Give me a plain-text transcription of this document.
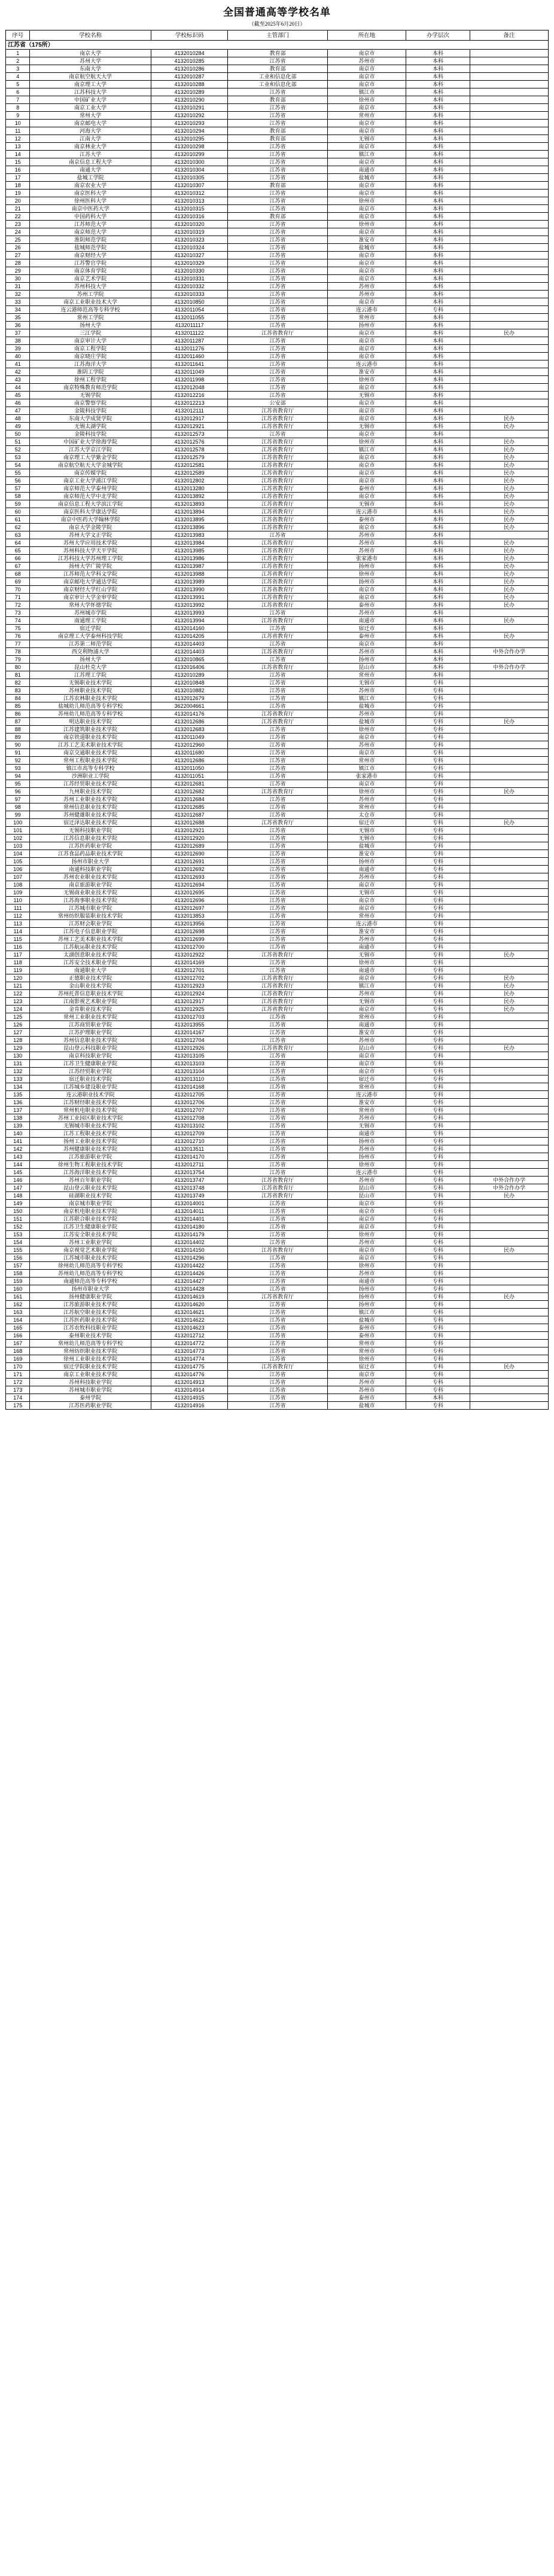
全国普通高等学校名单
（截至2025年6月20日）
序号	学校名称	学校标识码	主管部门	所在地	办学层次	备注
江苏省（175所）						
1	南京大学	4132010284	教育部	南京市	本科	
2	苏州大学	4132010285	江苏省	苏州市	本科	
3	东南大学	4132010286	教育部	南京市	本科	
4	南京航空航天大学	4132010287	工业和信息化部	南京市	本科	
5	南京理工大学	4132010288	工业和信息化部	南京市	本科	
6	江苏科技大学	4132010289	江苏省	镇江市	本科	
7	中国矿业大学	4132010290	教育部	徐州市	本科	
8	南京工业大学	4132010291	江苏省	南京市	本科	
9	常州大学	4132010292	江苏省	常州市	本科	
10	南京邮电大学	4132010293	江苏省	南京市	本科	
11	河海大学	4132010294	教育部	南京市	本科	
12	江南大学	4132010295	教育部	无锡市	本科	
13	南京林业大学	4132010298	江苏省	南京市	本科	
14	江苏大学	4132010299	江苏省	镇江市	本科	
15	南京信息工程大学	4132010300	江苏省	南京市	本科	
16	南通大学	4132010304	江苏省	南通市	本科	
17	盐城工学院	4132010305	江苏省	盐城市	本科	
18	南京农业大学	4132010307	教育部	南京市	本科	
19	南京医科大学	4132010312	江苏省	南京市	本科	
20	徐州医科大学	4132010313	江苏省	徐州市	本科	
21	南京中医药大学	4132010315	江苏省	南京市	本科	
22	中国药科大学	4132010316	教育部	南京市	本科	
23	江苏师范大学	4132010320	江苏省	徐州市	本科	
24	南京师范大学	4132010319	江苏省	南京市	本科	
25	淮阴师范学院	4132010323	江苏省	淮安市	本科	
26	盐城师范学院	4132010324	江苏省	盐城市	本科	
27	南京财经大学	4132010327	江苏省	南京市	本科	
28	江苏警官学院	4132010329	江苏省	南京市	本科	
29	南京体育学院	4132010330	江苏省	南京市	本科	
30	南京艺术学院	4132010331	江苏省	南京市	本科	
31	苏州科技大学	4132010332	江苏省	苏州市	本科	
32	苏州工学院	4132010333	江苏省	苏州市	本科	
33	南京工业职业技术大学	4132010850	江苏省	南京市	本科	
34	连云港师范高等专科学校	4132011054	江苏省	连云港市	专科	
35	常州工学院	4132011055	江苏省	常州市	本科	
36	扬州大学	4132011117	江苏省	扬州市	本科	
37	三江学院	4132011122	江苏省教育厅	南京市	本科	民办
38	南京审计大学	4132011287	江苏省	南京市	本科	
39	南京工程学院	4132011276	江苏省	南京市	本科	
40	南京晓庄学院	4132011460	江苏省	南京市	本科	
41	江苏海洋大学	4132011641	江苏省	连云港市	本科	
42	淮阴工学院	4132011049	江苏省	淮安市	本科	
43	徐州工程学院	4132011998	江苏省	徐州市	本科	
44	南京特殊教育师范学院	4132012048	江苏省	南京市	本科	
45	无锡学院	4132012216	江苏省	无锡市	本科	
46	南京警察学院	4132012213	公安部	南京市	本科	
47	金陵科技学院	4132012111	江苏省教育厅	南京市	本科	
48	东南大学成贤学院	4132012917	江苏省教育厅	南京市	本科	民办
49	无锡太湖学院	4132012921	江苏省教育厅	无锡市	本科	民办
50	金陵科技学院	4132012573	江苏省	南京市	本科	
51	中国矿业大学徐海学院	4132012576	江苏省教育厅	徐州市	本科	民办
52	江苏大学京江学院	4132012578	江苏省教育厅	镇江市	本科	民办
53	南京理工大学紫金学院	4132012579	江苏省教育厅	南京市	本科	民办
54	南京航空航天大学金城学院	4132012581	江苏省教育厅	南京市	本科	民办
55	南京传媒学院	4132012589	江苏省教育厅	南京市	本科	民办
56	南京工业大学浦江学院	4132012802	江苏省教育厅	南京市	本科	民办
57	南京师范大学泰州学院	4132013280	江苏省教育厅	泰州市	本科	民办
58	南京师范大学中北学院	4132013892	江苏省教育厅	南京市	本科	民办
59	南京信息工程大学滨江学院	4132013893	江苏省教育厅	无锡市	本科	民办
60	南京医科大学康达学院	4132013894	江苏省教育厅	连云港市	本科	民办
61	南京中医药大学翰林学院	4132013895	江苏省教育厅	泰州市	本科	民办
62	南京大学金陵学院	4132013896	江苏省教育厅	南京市	本科	民办
63	苏州大学文正学院	4132013983	江苏省	苏州市	本科	
64	苏州大学应用技术学院	4132013984	江苏省教育厅	苏州市	本科	民办
65	苏州科技大学天平学院	4132013985	江苏省教育厅	苏州市	本科	民办
66	江苏科技大学苏州理工学院	4132013986	江苏省教育厅	张家港市	本科	民办
67	扬州大学广陵学院	4132013987	江苏省教育厅	扬州市	本科	民办
68	江苏师范大学科文学院	4132013988	江苏省教育厅	徐州市	本科	民办
69	南京邮电大学通达学院	4132013989	江苏省教育厅	扬州市	本科	民办
70	南京财经大学红山学院	4132013990	江苏省教育厅	南京市	本科	民办
71	南京审计大学金审学院	4132013991	江苏省教育厅	南京市	本科	民办
72	常州大学怀德学院	4132013992	江苏省教育厅	泰州市	本科	民办
73	苏州城市学院	4132013993	江苏省	苏州市	本科	
74	南通理工学院	4132013994	江苏省教育厅	南通市	本科	民办
75	宿迁学院	4132014160	江苏省	宿迁市	本科	
76	南京理工大学泰州科技学院	4132014205	江苏省教育厅	泰州市	本科	民办
77	江苏第二师范学院	4132014403	江苏省	南京市	本科	
78	西交利物浦大学	4132014403	江苏省教育厅	苏州市	本科	中外合作办学
79	扬州大学	4132010865	江苏省	扬州市	本科	
80	昆山杜克大学	4132016406	江苏省教育厅	昆山市	本科	中外合作办学
81	江苏理工学院	4132010289	江苏省	常州市	本科	
82	无锡职业技术学院	4132010848	江苏省	无锡市	专科	
83	苏州职业技术学院	4132010882	江苏省	苏州市	专科	
84	江苏农林职业技术学院	4132012679	江苏省	镇江市	专科	
85	盐城幼儿师范高等专科学校	3622004661	江苏省	盐城市	专科	
86	苏州幼儿师范高等专科学校	4132014176	江苏省教育厅	苏州市	专科	
87	明达职业技术学院	4132012686	江苏省教育厅	盐城市	专科	民办
88	江苏建筑职业技术学院	4132012683	江苏省	徐州市	专科	
89	南京铁道职业技术学院	4132011049	江苏省	南京市	专科	
90	江苏工艺美术职业技术学院	4132012960	江苏省	苏州市	专科	
91	南京交通职业技术学院	4132011680	江苏省	南京市	专科	
92	常州工程职业技术学院	4132012686	江苏省	常州市	专科	
93	镇江市高等专科学校	4132011050	江苏省	镇江市	专科	
94	沙洲职业工学院	4132011051	江苏省	张家港市	专科	
95	江苏经贸职业技术学院	4132012681	江苏省	南京市	专科	
96	九州职业技术学院	4132012682	江苏省教育厅	徐州市	专科	民办
97	苏州工业职业技术学院	4132012684	江苏省	苏州市	专科	
98	常州信息职业技术学院	4132012685	江苏省	常州市	专科	
99	苏州健雄职业技术学院	4132012687	江苏省	太仓市	专科	
100	宿迁泽达职业技术学院	4132012688	江苏省教育厅	宿迁市	专科	民办
101	无锡科技职业学院	4132012921	江苏省	无锡市	专科	
102	江苏信息职业技术学院	4132012920	江苏省	无锡市	专科	
103	江苏医药职业学院	4132012689	江苏省	盐城市	专科	
104	江苏食品药品职业技术学院	4132012690	江苏省	淮安市	专科	
105	扬州市职业大学	4132012691	江苏省	扬州市	专科	
106	南通科技职业学院	4132012692	江苏省	南通市	专科	
107	苏州农业职业技术学院	4132012693	江苏省	苏州市	专科	
108	南京旅游职业学院	4132012694	江苏省	南京市	专科	
109	无锡商业职业技术学院	4132012695	江苏省	无锡市	专科	
110	江苏海事职业技术学院	4132012696	江苏省	南京市	专科	
111	江苏城市职业学院	4132012697	江苏省	南京市	专科	
112	常州纺织服装职业技术学院	4132013853	江苏省	常州市	专科	
113	江苏财会职业学院	4132013956	江苏省	连云港市	专科	
114	江苏电子信息职业学院	4132012698	江苏省	淮安市	专科	
115	苏州工艺美术职业技术学院	4132012699	江苏省	苏州市	专科	
116	江苏航运职业技术学院	4132012700	江苏省	南通市	专科	
117	太湖创意职业技术学院	4132012922	江苏省教育厅	无锡市	专科	民办
118	江苏安全技术职业学院	4132014169	江苏省	徐州市	专科	
119	南通职业大学	4132012701	江苏省	南通市	专科	
120	正德职业技术学院	4132012702	江苏省教育厅	南京市	专科	民办
121	金山职业技术学院	4132012923	江苏省教育厅	镇江市	专科	民办
122	苏州托普信息职业技术学院	4132012924	江苏省教育厅	苏州市	专科	民办
123	江南影视艺术职业学院	4132012917	江苏省教育厅	无锡市	专科	民办
124	金肯职业技术学院	4132012925	江苏省教育厅	南京市	专科	民办
125	常州工业职业技术学院	4132012703	江苏省	常州市	专科	
126	江苏商贸职业学院	4132013955	江苏省	南通市	专科	
127	江苏护理职业学院	4132014167	江苏省	淮安市	专科	
128	苏州信息职业技术学院	4132012704	江苏省	苏州市	专科	
129	昆山登云科技职业学院	4132012926	江苏省教育厅	昆山市	专科	民办
130	南京科技职业学院	4132013105	江苏省	南京市	专科	
131	江苏卫生健康职业学院	4132013103	江苏省	南京市	专科	
132	江苏经贸职业学院	4132013104	江苏省	南京市	专科	
133	宿迁职业技术学院	4132013110	江苏省	宿迁市	专科	
134	江苏城乡建设职业学院	4132014168	江苏省	常州市	专科	
135	连云港职业技术学院	4132012705	江苏省	连云港市	专科	
136	江苏财经职业技术学院	4132012706	江苏省	淮安市	专科	
137	常州机电职业技术学院	4132012707	江苏省	常州市	专科	
138	苏州工业园区职业技术学院	4132012708	江苏省	苏州市	专科	
139	无锡城市职业技术学院	4132013102	江苏省	无锡市	专科	
140	江苏工程职业技术学院	4132012709	江苏省	南通市	专科	
141	扬州工业职业技术学院	4132012710	江苏省	扬州市	专科	
142	苏州健康职业技术学院	4132013511	江苏省	苏州市	专科	
143	江苏旅游职业学院	4132014170	江苏省	扬州市	专科	
144	徐州生物工程职业技术学院	4132012711	江苏省	徐州市	专科	
145	江苏海洋职业技术学院	4132013754	江苏省	连云港市	专科	
146	苏州百年职业学院	4132013747	江苏省教育厅	苏州市	专科	中外合作办学
147	昆山登云职业技术学院	4132013748	江苏省教育厅	昆山市	专科	中外合作办学
148	硅湖职业技术学院	4132013749	江苏省教育厅	昆山市	专科	民办
149	南京城市职业学院	4132014001	江苏省	南京市	专科	
150	南京机电职业技术学院	4132014011	江苏省	南京市	专科	
151	江苏联合职业技术学院	4132014401	江苏省	南京市	专科	
152	江苏卫生健康职业学院	4132014180	江苏省	南京市	专科	
153	江苏安全职业技术学院	4132014179	江苏省	徐州市	专科	
154	苏州工业职业学院	4132014402	江苏省	苏州市	专科	
155	南京视觉艺术职业学院	4132014150	江苏省教育厅	南京市	专科	民办
156	江苏城市职业技术学院	4132014296	江苏省	南京市	专科	
157	徐州幼儿师范高等专科学校	4132014422	江苏省	徐州市	专科	
158	苏州幼儿师范高等专科学校	4132014426	江苏省	苏州市	专科	
159	南通师范高等专科学校	4132014427	江苏省	南通市	专科	
160	扬州市职业大学	4132014428	江苏省	扬州市	专科	
161	扬州健康职业学院	4132014619	江苏省教育厅	扬州市	专科	民办
162	江苏旅游职业技术学院	4132014620	江苏省	扬州市	专科	
163	江苏航空职业技术学院	4132014621	江苏省	镇江市	专科	
164	江苏医药职业技术学院	4132014622	江苏省	盐城市	专科	
165	江苏农牧科技职业学院	4132014623	江苏省	泰州市	专科	
166	泰州职业技术学院	4132012712	江苏省	泰州市	专科	
167	常州幼儿师范高等专科学校	4132014772	江苏省	常州市	专科	
168	常州纺织职业技术学院	4132014773	江苏省	常州市	专科	
169	徐州工业职业技术学院	4132014774	江苏省	徐州市	专科	
170	宿迁学院职业技术学院	4132014775	江苏省教育厅	宿迁市	专科	民办
171	南京工业职业技术学院	4132014776	江苏省	南京市	专科	
172	苏州科技职业学院	4132014913	江苏省	苏州市	专科	
173	苏州城市职业学院	4132014914	江苏省	苏州市	专科	
174	泰州学院	4132014915	江苏省	泰州市	本科	
175	江苏医药职业学院	4132014916	江苏省	盐城市	专科	
